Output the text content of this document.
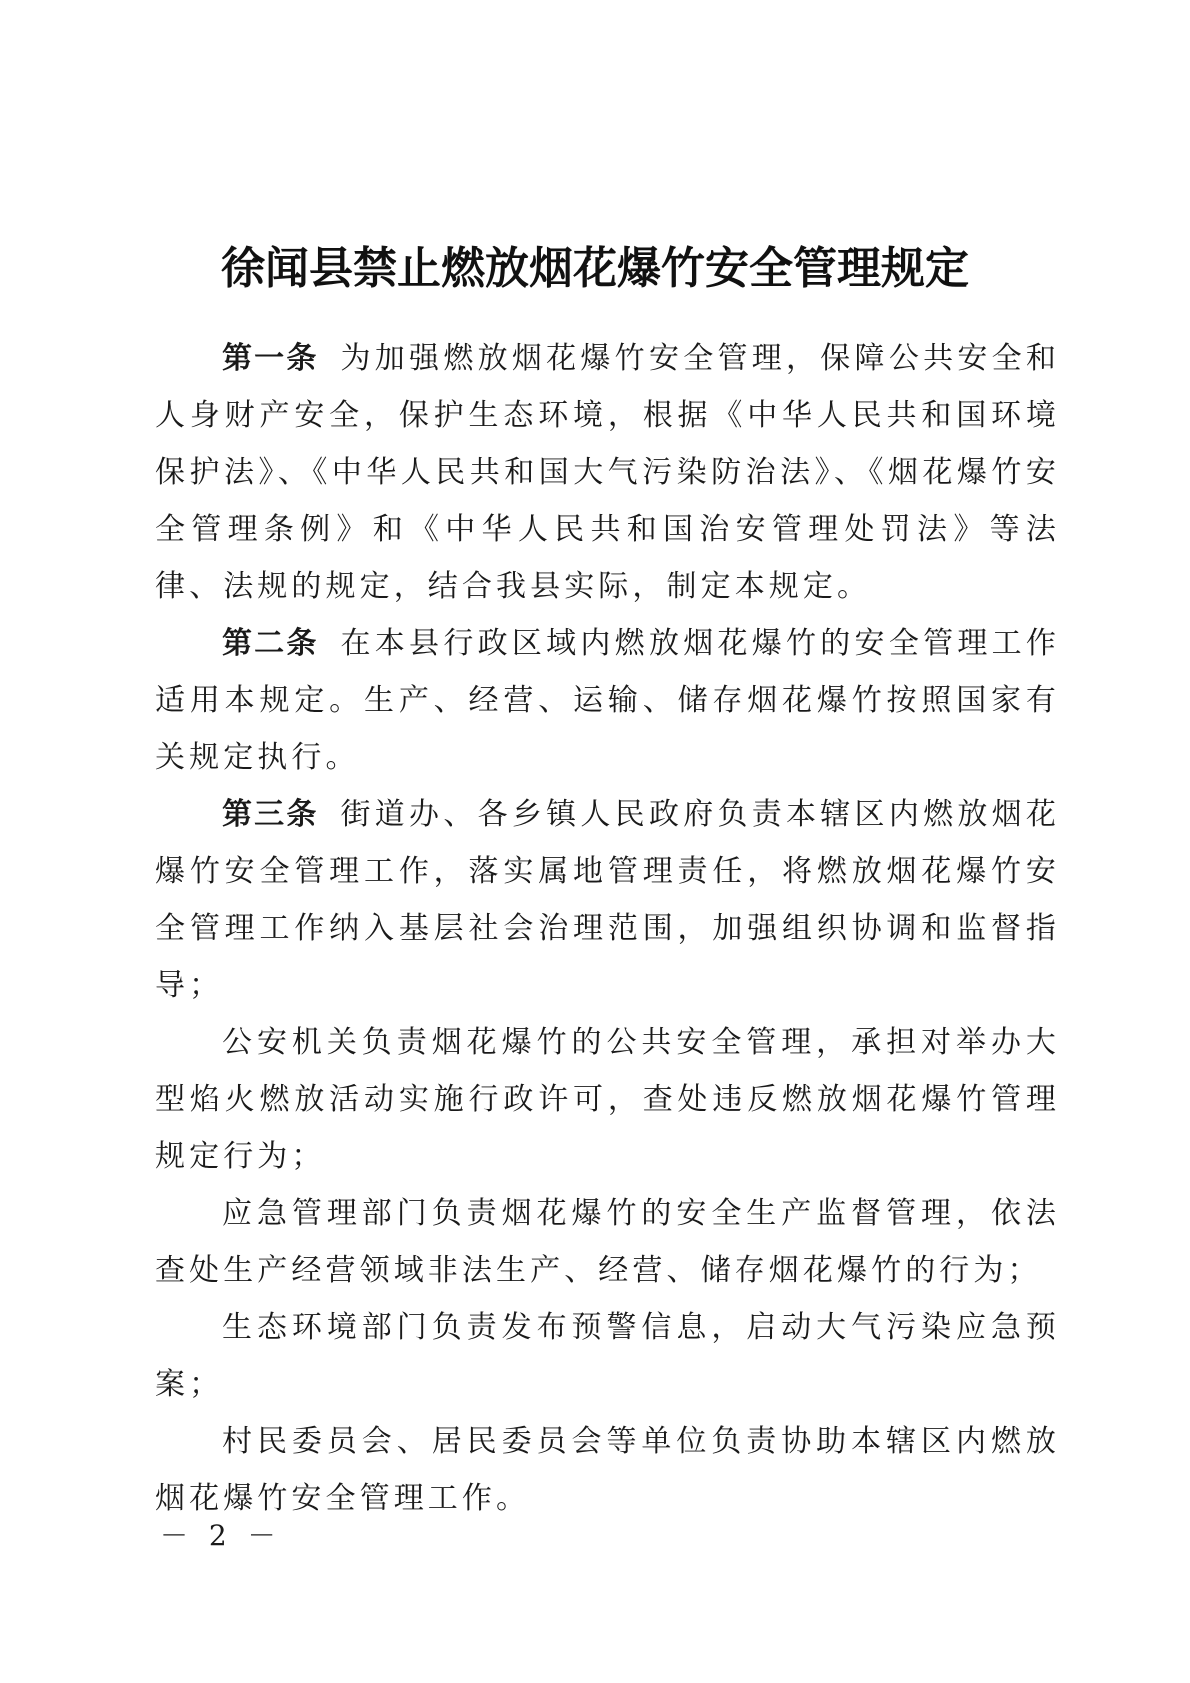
徐闻县禁止燃放烟花爆竹安全管理规定

第一条 为加强燃放烟花爆竹安全管理，保障公共安全和人身财产安全，保护生态环境，根据《中华人民共和国环境保护法》、《中华人民共和国大气污染防治法》、《烟花爆竹安全管理条例》和《中华人民共和国治安管理处罚法》等法律、法规的规定，结合我县实际，制定本规定。

第二条 在本县行政区域内燃放烟花爆竹的安全管理工作适用本规定。生产、经营、运输、储存烟花爆竹按照国家有关规定执行。

第三条 街道办、各乡镇人民政府负责本辖区内燃放烟花爆竹安全管理工作，落实属地管理责任，将燃放烟花爆竹安全管理工作纳入基层社会治理范围，加强组织协调和监督指导；

公安机关负责烟花爆竹的公共安全管理，承担对举办大型焰火燃放活动实施行政许可，查处违反燃放烟花爆竹管理规定行为；

应急管理部门负责烟花爆竹的安全生产监督管理，依法查处生产经营领域非法生产、经营、储存烟花爆竹的行为；

生态环境部门负责发布预警信息，启动大气污染应急预案；

村民委员会、居民委员会等单位负责协助本辖区内燃放烟花爆竹安全管理工作。

－ 2 －
